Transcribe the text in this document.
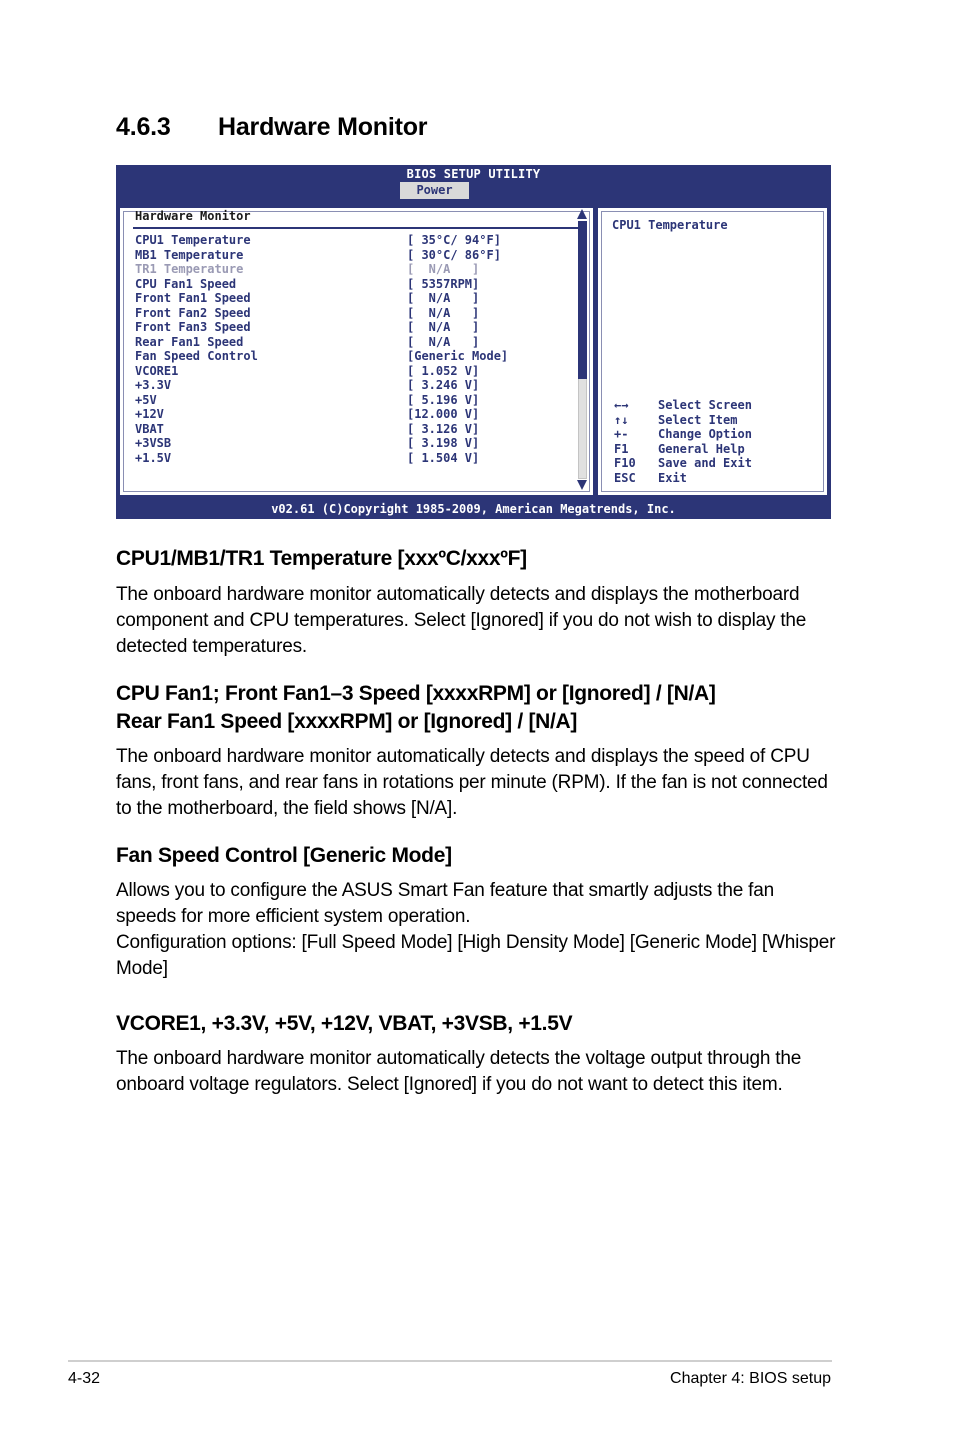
4.6.3 Hardware Monitor
BIOS SETUP UTILITY
Power
Hardware Monitor
CPU1 Temperature	[ 35°C/ 94°F]
MB1 Temperature	[ 30°C/ 86°F]
TR1 Temperature	[  N/A   ]
CPU Fan1 Speed	[ 5357RPM]
Front Fan1 Speed	[  N/A   ]
Front Fan2 Speed	[  N/A   ]
Front Fan3 Speed	[  N/A   ]
Rear Fan1 Speed	[  N/A   ]
Fan Speed Control	[Generic Mode]
VCORE1	[ 1.052 V]
+3.3V	[ 3.246 V]
+5V	[ 5.196 V]
+12V	[12.000 V]
VBAT	[ 3.126 V]
+3VSB	[ 3.198 V]
+1.5V	[ 1.504 V]
CPU1 Temperature
←→ Select Screen
↑↓ Select Item
+- Change Option
F1 General Help
F10 Save and Exit
ESC Exit
v02.61 (C)Copyright 1985-2009, American Megatrends, Inc.
CPU1/MB1/TR1 Temperature [xxxºC/xxxºF]
The onboard hardware monitor automatically detects and displays the motherboard component and CPU temperatures. Select [Ignored] if you do not wish to display the detected temperatures.
CPU Fan1; Front Fan1–3 Speed [xxxxRPM] or [Ignored] / [N/A]
Rear Fan1 Speed [xxxxRPM] or [Ignored] / [N/A]
The onboard hardware monitor automatically detects and displays the speed of CPU fans, front fans, and rear fans in rotations per minute (RPM). If the fan is not connected to the motherboard, the field shows [N/A].
Fan Speed Control [Generic Mode]
Allows you to configure the ASUS Smart Fan feature that smartly adjusts the fan speeds for more efficient system operation.
Configuration options: [Full Speed Mode] [High Density Mode] [Generic Mode] [Whisper Mode]
VCORE1, +3.3V, +5V, +12V, VBAT, +3VSB, +1.5V
The onboard hardware monitor automatically detects the voltage output through the onboard voltage regulators. Select [Ignored] if you do not want to detect this item.
4-32	Chapter 4: BIOS setup
